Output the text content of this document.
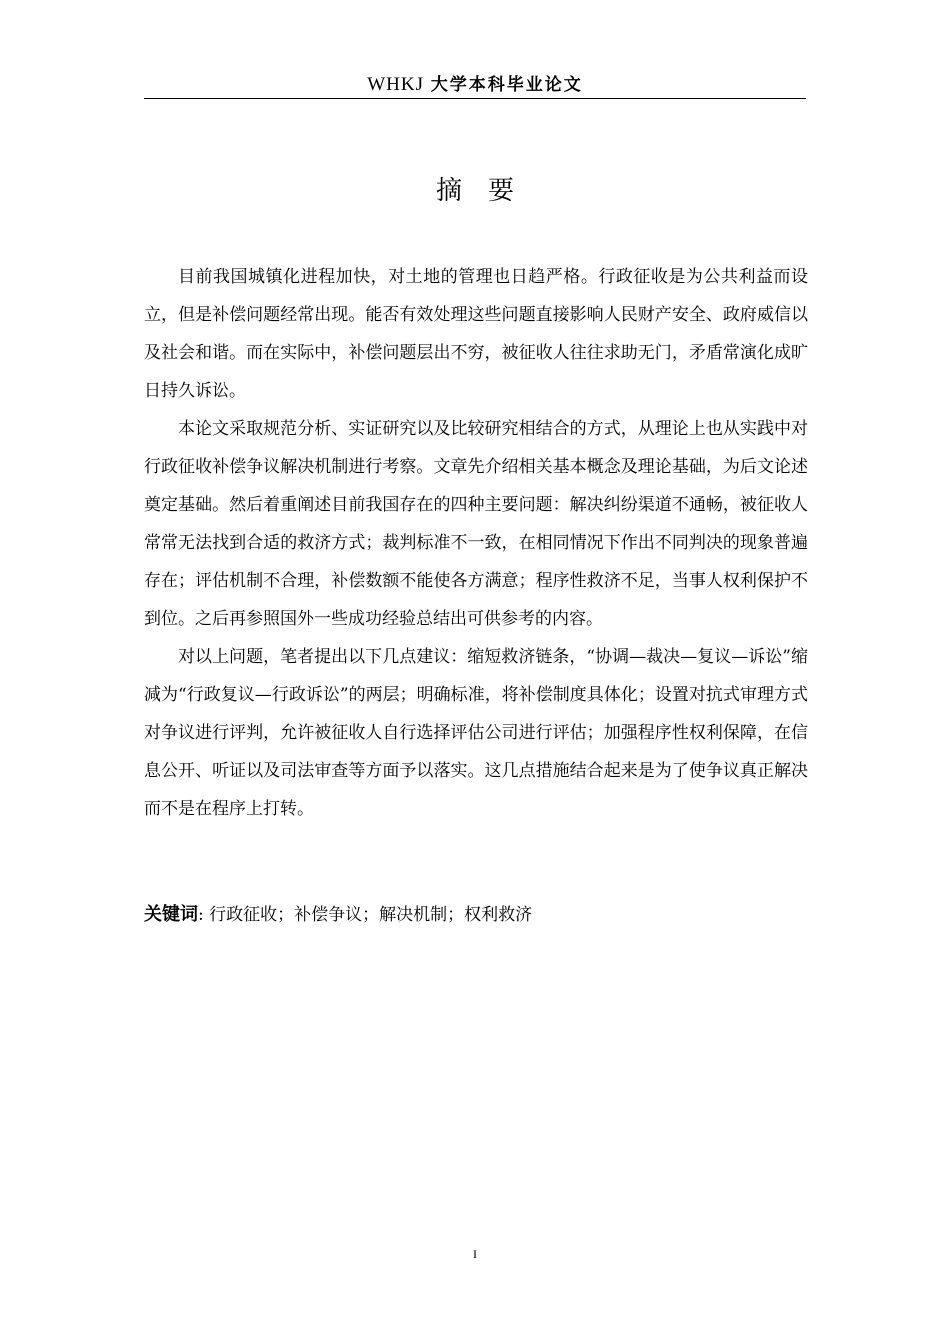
WHKJ 大学本科毕业论文
摘要

目前我国城镇化进程加快，对土地的管理也日趋严格。行政征收是为公共利益而设立，但是补偿问题经常出现。能否有效处理这些问题直接影响人民财产安全、政府威信以及社会和谐。而在实际中，补偿问题层出不穷，被征收人往往求助无门，矛盾常演化成旷日持久诉讼。

本论文采取规范分析、实证研究以及比较研究相结合的方式，从理论上也从实践中对行政征收补偿争议解决机制进行考察。文章先介绍相关基本概念及理论基础，为后文论述奠定基础。然后着重阐述目前我国存在的四种主要问题：解决纠纷渠道不通畅，被征收人常常无法找到合适的救济方式；裁判标准不一致，在相同情况下作出不同判决的现象普遍存在；评估机制不合理，补偿数额不能使各方满意；程序性救济不足，当事人权利保护不到位。之后再参照国外一些成功经验总结出可供参考的内容。

对以上问题，笔者提出以下几点建议：缩短救济链条，“协调—裁决—复议—诉讼”缩减为“行政复议—行政诉讼”的两层；明确标准，将补偿制度具体化；设置对抗式审理方式对争议进行评判，允许被征收人自行选择评估公司进行评估；加强程序性权利保障，在信息公开、听证以及司法审查等方面予以落实。这几点措施结合起来是为了使争议真正解决而不是在程序上打转。

关键词: 行政征收；补偿争议；解决机制；权利救济
I
